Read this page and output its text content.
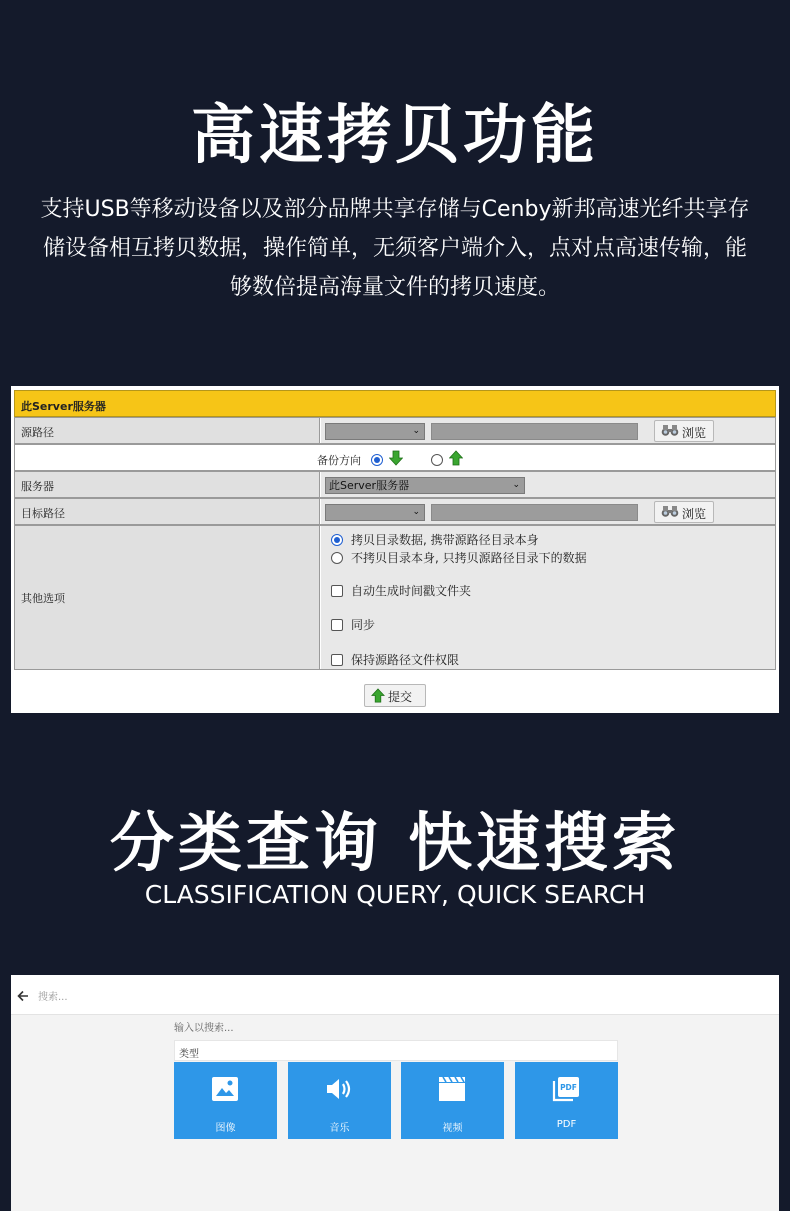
高速拷贝功能
支持USB等移动设备以及部分品牌共享存储与Cenby新邦高速光纤共享存储设备相互拷贝数据，操作简单，无须客户端介入，点对点高速传输，能够数倍提高海量文件的拷贝速度。
此Server服务器
源路径	⌄	浏览
备份方向
服务器	此Server服务器	⌄
目标路径	⌄	浏览
其他选项
拷贝目录数据, 携带源路径目录本身
不拷贝目录本身, 只拷贝源路径目录下的数据
自动生成时间戳文件夹
同步
保持源路径文件权限
提交
分类查询 快速搜索
CLASSIFICATION QUERY, QUICK SEARCH
搜索...
输入以搜索...
类型
图像	音乐	视频
PDF
PDF
